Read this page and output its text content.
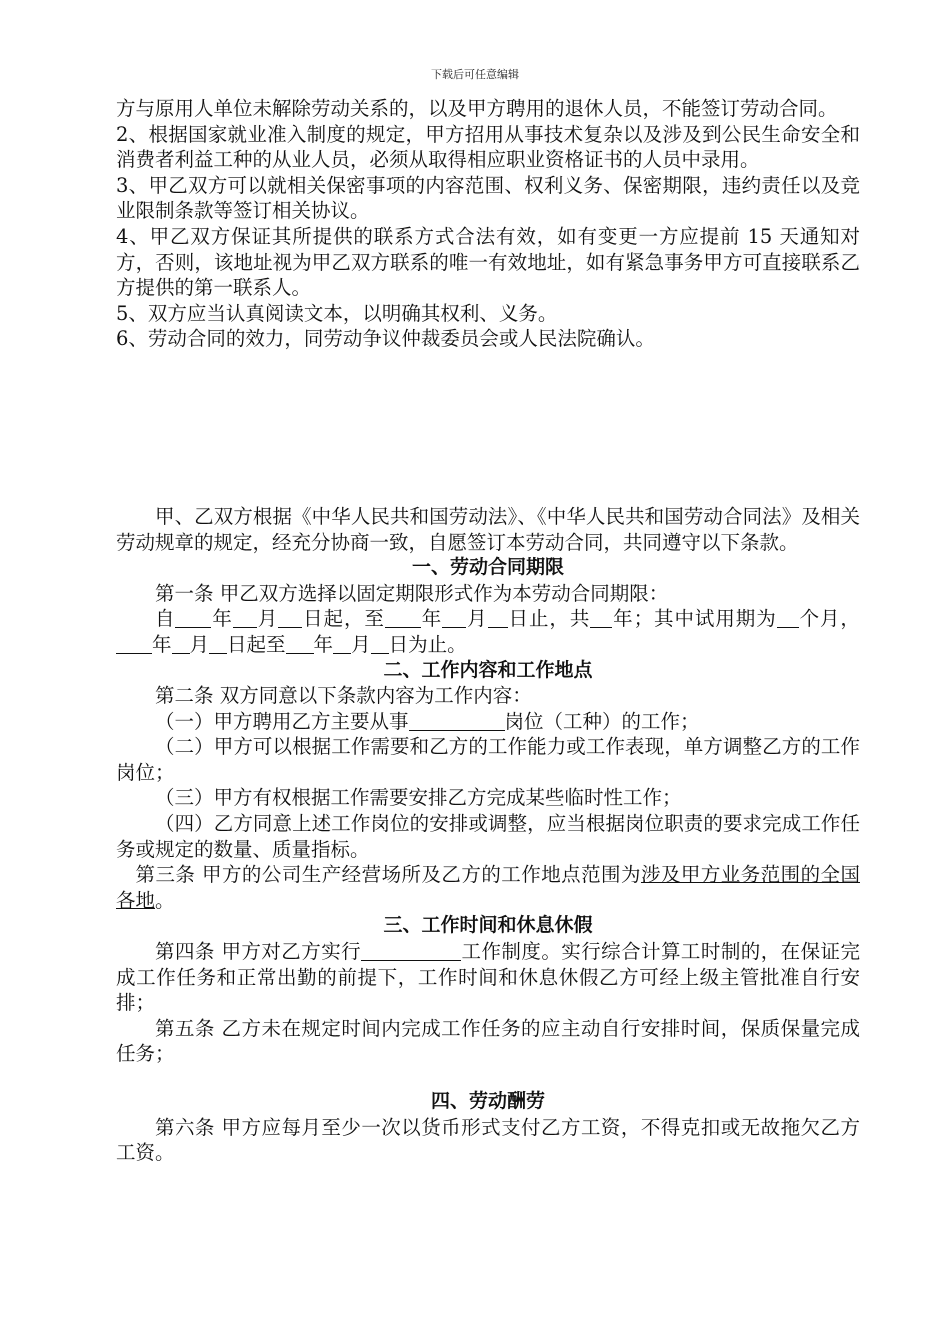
下载后可任意编辑

方与原用人单位未解除劳动关系的，以及甲方聘用的退休人员，不能签订劳动合同。

2、根据国家就业准入制度的规定，甲方招用从事技术复杂以及涉及到公民生命安全和消费者利益工种的从业人员，必须从取得相应职业资格证书的人员中录用。

3、甲乙双方可以就相关保密事项的内容范围、权利义务、保密期限，违约责任以及竞业限制条款等签订相关协议。

4、甲乙双方保证其所提供的联系方式合法有效，如有变更一方应提前 15 天通知对方，否则，该地址视为甲乙双方联系的唯一有效地址，如有紧急事务甲方可直接联系乙方提供的第一联系人。

5、双方应当认真阅读文本，以明确其权利、义务。

6、劳动合同的效力，同劳动争议仲裁委员会或人民法院确认。

甲、乙双方根据《中华人民共和国劳动法》、《中华人民共和国劳动合同法》及相关劳动规章的规定，经充分协商一致，自愿签订本劳动合同，共同遵守以下条款。

一、劳动合同期限

第一条 甲乙双方选择以固定期限形式作为本劳动合同期限：

自 年 月 日起，至 年 月 日止，共 年；其中试用期为 个月，年 月 日起至 年 月 日为止。

二、工作内容和工作地点

第二条 双方同意以下条款内容为工作内容：

（一）甲方聘用乙方主要从事	岗位（工种）的工作；

（二）甲方可以根据工作需要和乙方的工作能力或工作表现，单方调整乙方的工作岗位；

（三）甲方有权根据工作需要安排乙方完成某些临时性工作；

（四）乙方同意上述工作岗位的安排或调整，应当根据岗位职责的要求完成工作任务或规定的数量、质量指标。

第三条 甲方的公司生产经营场所及乙方的工作地点范围为涉及甲方业务范围的全国各地。

三、工作时间和休息休假

第四条 甲方对乙方实行	工作制度。实行综合计算工时制的，在保证完成工作任务和正常出勤的前提下，工作时间和休息休假乙方可经上级主管批准自行安排；

第五条 乙方未在规定时间内完成工作任务的应主动自行安排时间，保质保量完成任务；

四、劳动酬劳

第六条 甲方应每月至少一次以货币形式支付乙方工资，不得克扣或无故拖欠乙方工资。
